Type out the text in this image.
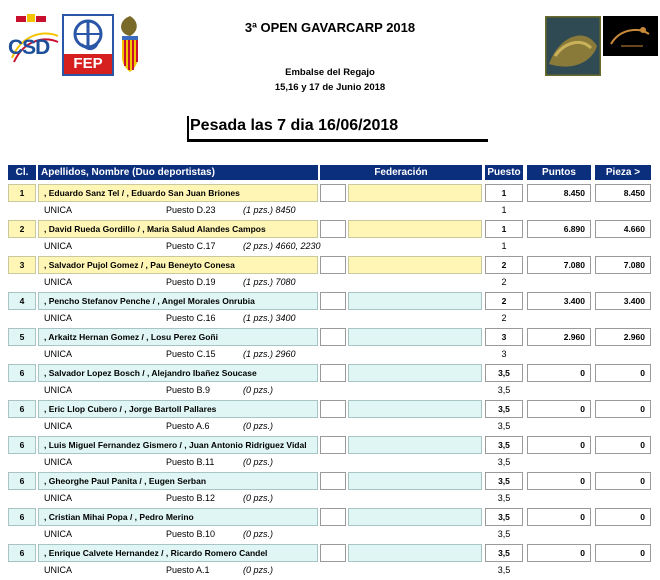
CSD
FEP
3ª OPEN GAVARCARP 2018
Embalse del Regajo
15,16 y 17 de Junio 2018
Pesada las 7 dia 16/06/2018
Cl.	Apellidos, Nombre (Duo deportistas)	Federación	Puesto	Puntos	Pieza >
1	, Eduardo Sanz Tel / , Eduardo San Juan Briones	1	8.450	8.450
UNICA	Puesto D.23	(1 pzs.) 8450	1
2	, David Rueda Gordillo / , Maria Salud Alandes Campos	1	6.890	4.660
UNICA	Puesto C.17	(2 pzs.) 4660, 2230	1
3	, Salvador Pujol Gomez / , Pau Beneyto Conesa	2	7.080	7.080
UNICA	Puesto D.19	(1 pzs.) 7080	2
4	, Pencho Stefanov Penche / , Angel Morales Onrubia	2	3.400	3.400
UNICA	Puesto C.16	(1 pzs.) 3400	2
5	, Arkaitz Hernan Gomez / , Losu Perez Goñi	3	2.960	2.960
UNICA	Puesto C.15	(1 pzs.) 2960	3
6	, Salvador Lopez Bosch / , Alejandro Ibañez Soucase	3,5	0	0
UNICA	Puesto B.9	(0 pzs.)	3,5
6	, Eric Llop Cubero / , Jorge Bartoll Pallares	3,5	0	0
UNICA	Puesto A.6	(0 pzs.)	3,5
6	, Luis Miguel Fernandez Gismero / , Juan Antonio Ridriguez Vidal	3,5	0	0
UNICA	Puesto B.11	(0 pzs.)	3,5
6	, Gheorghe Paul Panita / , Eugen Serban	3,5	0	0
UNICA	Puesto B.12	(0 pzs.)	3,5
6	, Cristian Mihai Popa / , Pedro Merino	3,5	0	0
UNICA	Puesto B.10	(0 pzs.)	3,5
6	, Enrique Calvete Hernandez / , Ricardo Romero Candel	3,5	0	0
UNICA	Puesto A.1	(0 pzs.)	3,5
